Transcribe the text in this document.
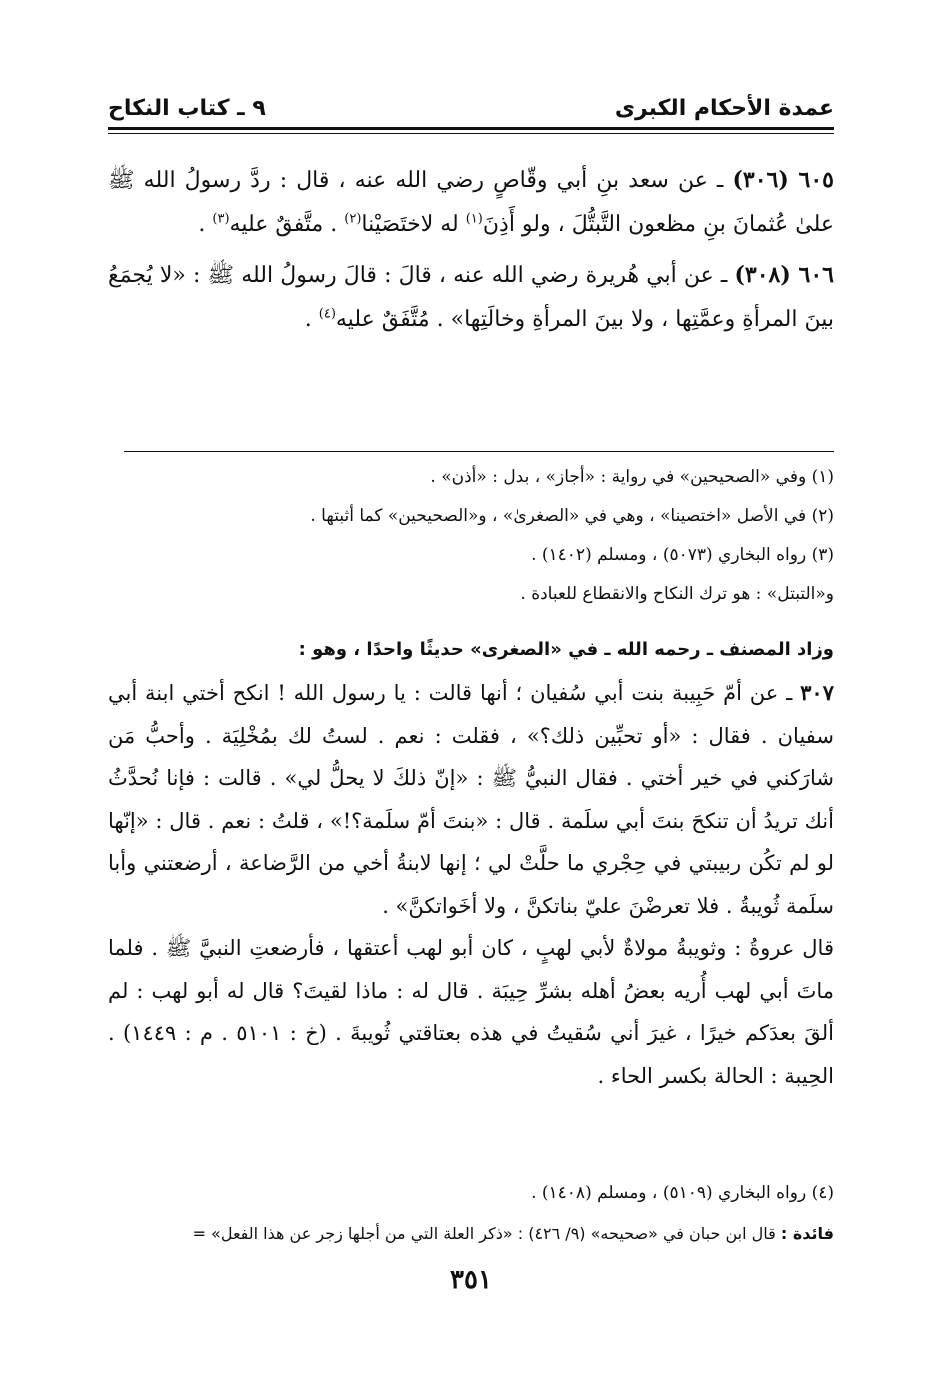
عمدة الأحكام الكبرى
٩ ـ كتاب النكاح

٦٠٥ (٣٠٦) ـ عن سعد بنِ أبي وقّاصٍ رضي الله عنه ، قال : ردَّ رسولُ الله ﷺ علىٰ عُثمانَ بنِ مظعون التَّبتُّلَ ، ولو أَذِنَ$^{(١)}$ له لاختَصَيْنا$^{(٢)}$ . متَّفقٌ عليه$^{(٣)}$ .

٦٠٦ (٣٠٨) ـ عن أبي هُريرة رضي الله عنه ، قالَ : قالَ رسولُ الله ﷺ : «لا يُجمَعُ بينَ المرأةِ وعمَّتِها ، ولا بينَ المرأةِ وخالَتِها» . مُتَّفَقٌ عليه$^{(٤)}$ .

(١) وفي «الصحيحين» في رواية : «أجاز» ، بدل : «أذن» .

(٢) في الأصل «اختصينا» ، وهي في «الصغرىٰ» ، و«الصحيحين» كما أثبتها .

(٣) رواه البخاري (٥٠٧٣) ، ومسلم (١٤٠٢) .

و«التبتل» : هو ترك النكاح والانقطاع للعبادة .

وزاد المصنف ـ رحمه الله ـ في «الصغرى» حديثًا واحدًا ، وهو :

٣٠٧ ـ عن أمّ حَبِيبة بنت أبي سُفيان ؛ أنها قالت : يا رسول الله ! انكح أختي ابنة أبي سفيان . فقال : «أو تحبِّين ذلك؟» ، فقلت : نعم . لستُ لك بمُخْلِيَة . وأحبُّ مَن شارَكني في خير أختي . فقال النبيُّ ﷺ : «إنّ ذلكَ لا يحلُّ لي» . قالت : فإنا نُحدَّثُ أنك تريدُ أن تنكحَ بنتَ أبي سلَمة . قال : «بنتَ أمّ سلَمة؟!» ، قلتُ : نعم . قال : «إنّها لو لم تكُن ربيبتي في حِجْري ما حلَّتْ لي ؛ إنها لابنةُ أخي من الرَّضاعة ، أرضعتني وأبا سلَمة ثُويبةُ . فلا تعرضْنَ عليّ بناتكنَّ ، ولا أخَواتكنَّ» .

قال عروةُ : وثويبةُ مولاةٌ لأبي لهبٍ ، كان أبو لهب أعتقها ، فأرضعتِ النبيَّ ﷺ . فلما ماتَ أبي لهب أُريه بعضُ أهله بشرِّ حِيبَة . قال له : ماذا لقيتَ؟ قال له أبو لهب : لم ألقَ بعدَكم خيرًا ، غيرَ أني سُقيتُ في هذه بعتاقتي ثُويبةَ . (خ : ٥١٠١ . م : ١٤٤٩) . الحِيبة : الحالة بكسر الحاء .

(٤) رواه البخاري (٥١٠٩) ، ومسلم (١٤٠٨) .
فائدة : قال ابن حبان في «صحيحه» (٩/ ٤٢٦) : «ذكر العلة التي من أجلها زجر عن هذا الفعل» =
٣٥١
